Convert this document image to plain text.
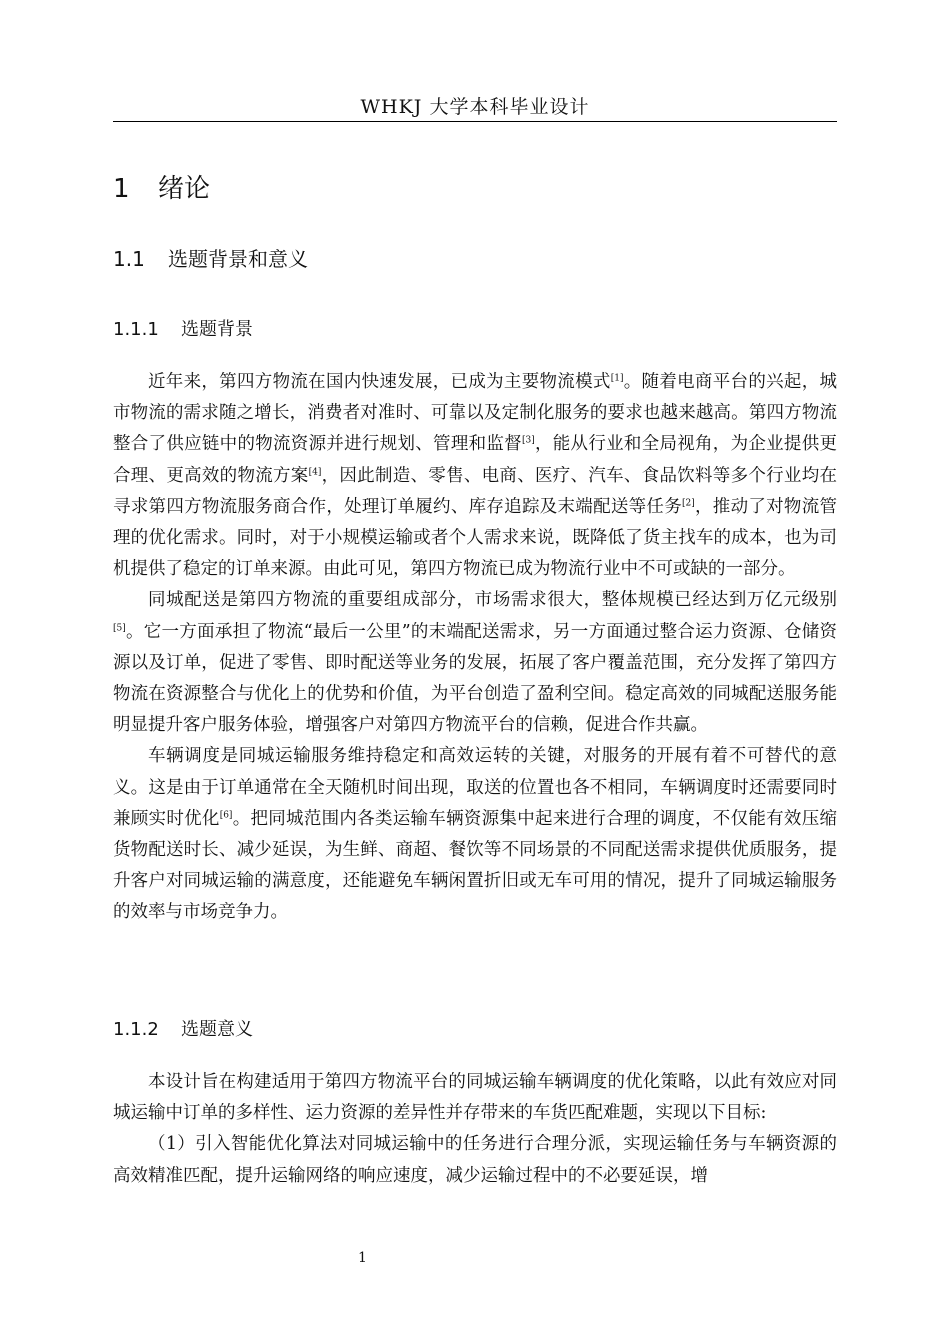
WHKJ 大学本科毕业设计
1 绪论
1.1 选题背景和意义
1.1.1 选题背景

近年来，第四方物流在国内快速发展，已成为主要物流模式[1]。随着电商平台的兴起，城市物流的需求随之增长，消费者对准时、可靠以及定制化服务的要求也越来越高。第四方物流整合了供应链中的物流资源并进行规划、管理和监督[3]，能从行业和全局视角，为企业提供更合理、更高效的物流方案[4]，因此制造、零售、电商、医疗、汽车、食品饮料等多个行业均在寻求第四方物流服务商合作，处理订单履约、库存追踪及末端配送等任务[2]，推动了对物流管理的优化需求。同时，对于小规模运输或者个人需求来说，既降低了货主找车的成本，也为司机提供了稳定的订单来源。由此可见，第四方物流已成为物流行业中不可或缺的一部分。

同城配送是第四方物流的重要组成部分，市场需求很大，整体规模已经达到万亿元级别[5]。它一方面承担了物流“最后一公里”的末端配送需求，另一方面通过整合运力资源、仓储资源以及订单，促进了零售、即时配送等业务的发展，拓展了客户覆盖范围，充分发挥了第四方物流在资源整合与优化上的优势和价值，为平台创造了盈利空间。稳定高效的同城配送服务能明显提升客户服务体验，增强客户对第四方物流平台的信赖，促进合作共赢。

车辆调度是同城运输服务维持稳定和高效运转的关键，对服务的开展有着不可替代的意义。这是由于订单通常在全天随机时间出现，取送的位置也各不相同，车辆调度时还需要同时兼顾实时优化[6]。把同城范围内各类运输车辆资源集中起来进行合理的调度，不仅能有效压缩货物配送时长、减少延误，为生鲜、商超、餐饮等不同场景的不同配送需求提供优质服务，提升客户对同城运输的满意度，还能避免车辆闲置折旧或无车可用的情况，提升了同城运输服务的效率与市场竞争力。

1.1.2 选题意义

本设计旨在构建适用于第四方物流平台的同城运输车辆调度的优化策略，以此有效应对同城运输中订单的多样性、运力资源的差异性并存带来的车货匹配难题，实现以下目标:

（1）引入智能优化算法对同城运输中的任务进行合理分派，实现运输任务与车辆资源的高效精准匹配，提升运输网络的响应速度，减少运输过程中的不必要延误，增

1
